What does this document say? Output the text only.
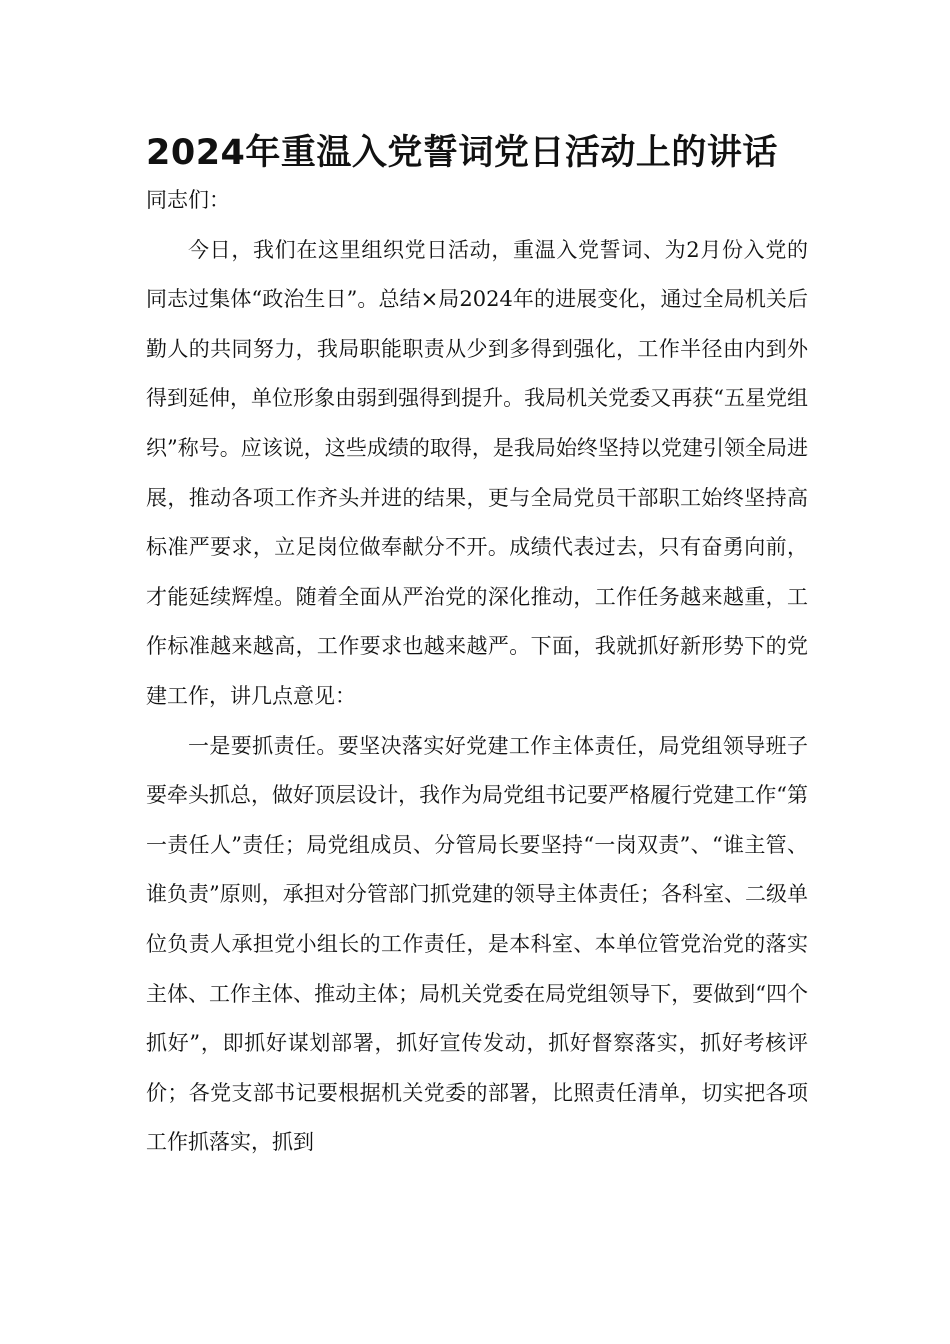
2024年重温入党誓词党日活动上的讲话

同志们：

今日，我们在这里组织党日活动，重温入党誓词、为2月份入党的同志过集体“政治生日”。总结×局2024年的进展变化，通过全局机关后勤人的共同努力，我局职能职责从少到多得到强化，工作半径由内到外得到延伸，单位形象由弱到强得到提升。我局机关党委又再获“五星党组织”称号。应该说，这些成绩的取得，是我局始终坚持以党建引领全局进展，推动各项工作齐头并进的结果，更与全局党员干部职工始终坚持高标准严要求，立足岗位做奉献分不开。成绩代表过去，只有奋勇向前，才能延续辉煌。随着全面从严治党的深化推动，工作任务越来越重，工作标准越来越高，工作要求也越来越严。下面，我就抓好新形势下的党建工作，讲几点意见：

一是要抓责任。要坚决落实好党建工作主体责任，局党组领导班子要牵头抓总，做好顶层设计，我作为局党组书记要严格履行党建工作“第一责任人”责任；局党组成员、分管局长要坚持“一岗双责”、“谁主管、谁负责”原则，承担对分管部门抓党建的领导主体责任；各科室、二级单位负责人承担党小组长的工作责任，是本科室、本单位管党治党的落实主体、工作主体、推动主体；局机关党委在局党组领导下，要做到“四个抓好”，即抓好谋划部署，抓好宣传发动，抓好督察落实，抓好考核评价；各党支部书记要根据机关党委的部署，比照责任清单，切实把各项工作抓落实，抓到
